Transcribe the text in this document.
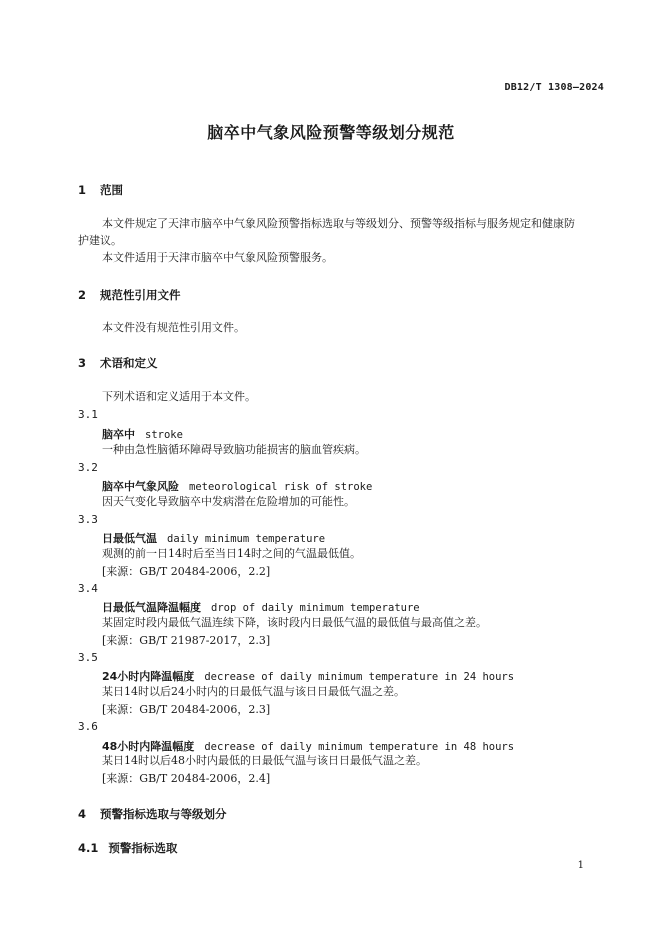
DB12/T 1308—2024
脑卒中气象风险预警等级划分规范
1 范围
本文件规定了天津市脑卒中气象风险预警指标选取与等级划分、预警等级指标与服务规定和健康防
护建议。
本文件适用于天津市脑卒中气象风险预警服务。
2 规范性引用文件
本文件没有规范性引用文件。
3 术语和定义
下列术语和定义适用于本文件。
3.1
脑卒中 stroke
一种由急性脑循环障碍导致脑功能损害的脑血管疾病。
3.2
脑卒中气象风险 meteorological risk of stroke
因天气变化导致脑卒中发病潜在危险增加的可能性。
3.3
日最低气温 daily minimum temperature
观测的前一日14时后至当日14时之间的气温最低值。
[来源：GB/T 20484-2006，2.2]
3.4
日最低气温降温幅度 drop of daily minimum temperature
某固定时段内最低气温连续下降，该时段内日最低气温的最低值与最高值之差。
[来源：GB/T 21987-2017，2.3]
3.5
24小时内降温幅度 decrease of daily minimum temperature in 24 hours
某日14时以后24小时内的日最低气温与该日日最低气温之差。
[来源：GB/T 20484-2006，2.3]
3.6
48小时内降温幅度 decrease of daily minimum temperature in 48 hours
某日14时以后48小时内最低的日最低气温与该日日最低气温之差。
[来源：GB/T 20484-2006，2.4]
4 预警指标选取与等级划分
4.1 预警指标选取
1
